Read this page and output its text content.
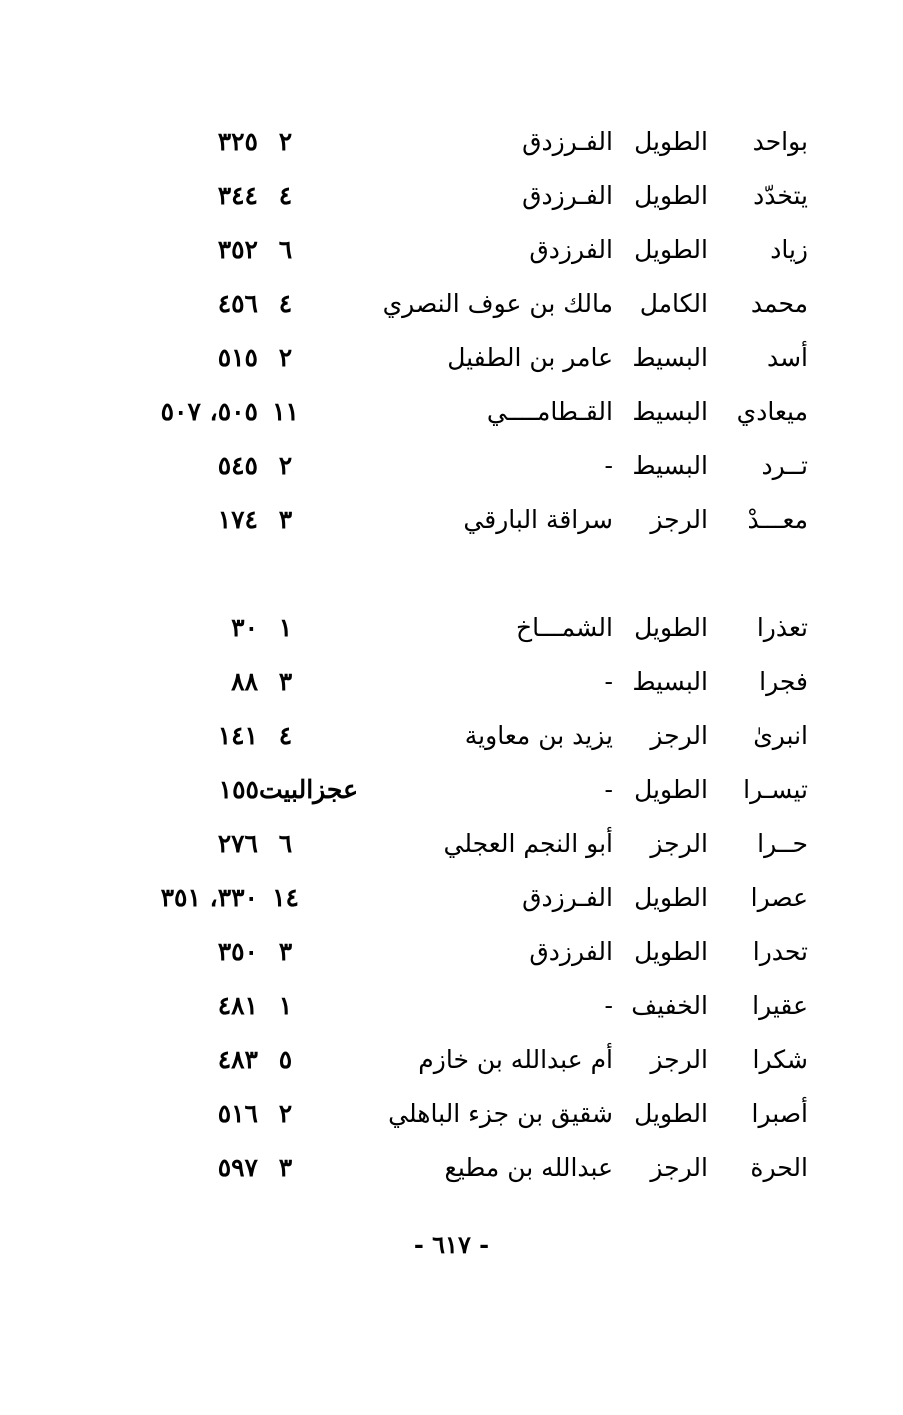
بواحد
الطويل
الفـرزدق
٢
٣٢٥
يتخدّد
الطويل
الفـرزدق
٤
٣٤٤
زياد
الطويل
الفرزدق
٦
٣٥٢
محمد
الكامل
مالك بن عوف النصري
٤
٤٥٦
أسد
البسيط
عامر بن الطفيل
٢
٥١٥
ميعادي
البسيط
القـطامــــي
١١
٥٠٥، ٥٠٧
تــرد
البسيط
-
٢
٥٤٥
معـــدْ
الرجز
سراقة البارقي
٣
١٧٤
تعذرا
الطويل
الشمـــاخ
١
٣٠
فجرا
البسيط
-
٣
٨٨
انبرىٰ
الرجز
يزيد بن معاوية
٤
١٤١
تيسـرا
الطويل
-
عجزالبيت١٥٥
حــرا
الرجز
أبو النجم العجلي
٦
٢٧٦
عصرا
الطويل
الفـرزدق
١٤
٣٣٠، ٣٥١
تحدرا
الطويل
الفرزدق
٣
٣٥٠
عقيرا
الخفيف
-
١
٤٨١
شكرا
الرجز
أم عبدالله بن خازم
٥
٤٨٣
أصبرا
الطويل
شقيق بن جزء الباهلي
٢
٥١٦
الحرة
الرجز
عبدالله بن مطيع
٣
٥٩٧
- ٦١٧ -
